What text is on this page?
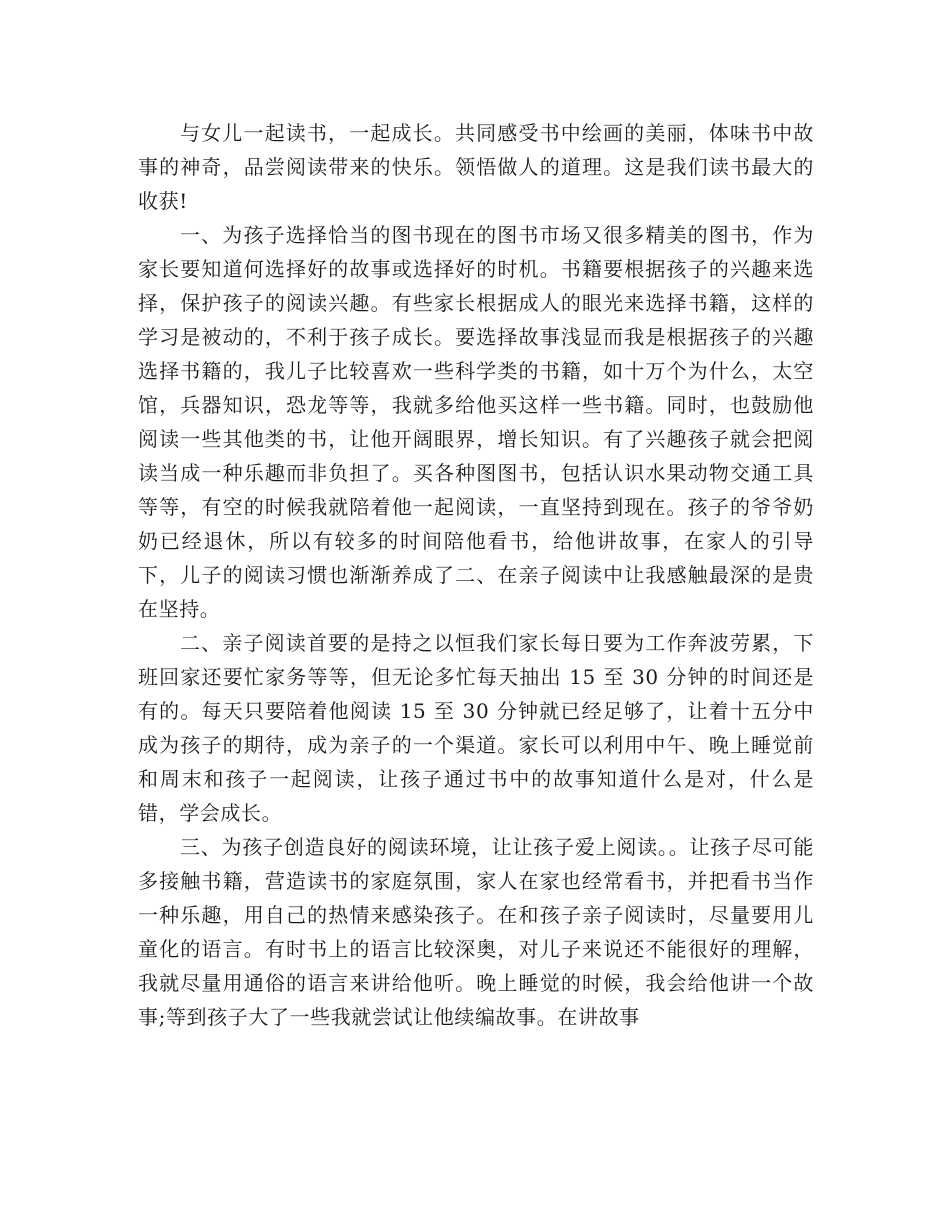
与女儿一起读书，一起成长。共同感受书中绘画的美丽，体味书中故事的神奇，品尝阅读带来的快乐。领悟做人的道理。这是我们读书最大的收获!

一、为孩子选择恰当的图书现在的图书市场又很多精美的图书，作为家长要知道何选择好的故事或选择好的时机。书籍要根据孩子的兴趣来选择，保护孩子的阅读兴趣。有些家长根据成人的眼光来选择书籍，这样的学习是被动的，不利于孩子成长。要选择故事浅显而我是根据孩子的兴趣选择书籍的，我儿子比较喜欢一些科学类的书籍，如十万个为什么，太空馆，兵器知识，恐龙等等，我就多给他买这样一些书籍。同时，也鼓励他阅读一些其他类的书，让他开阔眼界，增长知识。有了兴趣孩子就会把阅读当成一种乐趣而非负担了。买各种图图书，包括认识水果动物交通工具等等，有空的时候我就陪着他一起阅读，一直坚持到现在。孩子的爷爷奶奶已经退休，所以有较多的时间陪他看书，给他讲故事，在家人的引导下，儿子的阅读习惯也渐渐养成了二、在亲子阅读中让我感触最深的是贵在坚持。

二、亲子阅读首要的是持之以恒我们家长每日要为工作奔波劳累，下班回家还要忙家务等等，但无论多忙每天抽出 15 至 30 分钟的时间还是有的。每天只要陪着他阅读 15 至 30 分钟就已经足够了，让着十五分中成为孩子的期待，成为亲子的一个渠道。家长可以利用中午、晚上睡觉前和周末和孩子一起阅读，让孩子通过书中的故事知道什么是对，什么是错，学会成长。

三、为孩子创造良好的阅读环境，让让孩子爱上阅读。。让孩子尽可能多接触书籍，营造读书的家庭氛围，家人在家也经常看书，并把看书当作一种乐趣，用自己的热情来感染孩子。在和孩子亲子阅读时，尽量要用儿童化的语言。有时书上的语言比较深奥，对儿子来说还不能很好的理解，我就尽量用通俗的语言来讲给他听。晚上睡觉的时候，我会给他讲一个故事;等到孩子大了一些我就尝试让他续编故事。在讲故事
